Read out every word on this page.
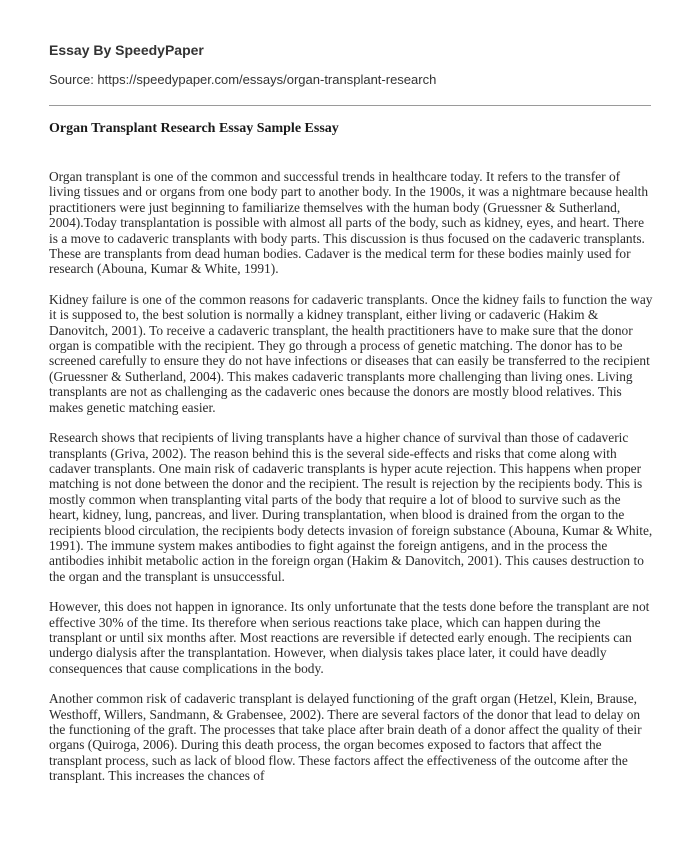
Essay By SpeedyPaper

Source: https://speedypaper.com/essays/organ-transplant-research

Organ Transplant Research Essay Sample Essay

Organ transplant is one of the common and successful trends in healthcare today. It refers to the transfer of living tissues and or organs from one body part to another body. In the 1900s, it was a nightmare because health practitioners were just beginning to familiarize themselves with the human body (Gruessner & Sutherland, 2004).Today transplantation is possible with almost all parts of the body, such as kidney, eyes, and heart. There is a move to cadaveric transplants with body parts. This discussion is thus focused on the cadaveric transplants. These are transplants from dead human bodies. Cadaver is the medical term for these bodies mainly used for research (Abouna, Kumar & White, 1991).

Kidney failure is one of the common reasons for cadaveric transplants. Once the kidney fails to function the way it is supposed to, the best solution is normally a kidney transplant, either living or cadaveric (Hakim & Danovitch, 2001). To receive a cadaveric transplant, the health practitioners have to make sure that the donor organ is compatible with the recipient. They go through a process of genetic matching. The donor has to be screened carefully to ensure they do not have infections or diseases that can easily be transferred to the recipient (Gruessner & Sutherland, 2004). This makes cadaveric transplants more challenging than living ones. Living transplants are not as challenging as the cadaveric ones because the donors are mostly blood relatives. This makes genetic matching easier.

Research shows that recipients of living transplants have a higher chance of survival than those of cadaveric transplants (Griva, 2002). The reason behind this is the several side-effects and risks that come along with cadaver transplants. One main risk of cadaveric transplants is hyper acute rejection. This happens when proper matching is not done between the donor and the recipient. The result is rejection by the recipients body. This is mostly common when transplanting vital parts of the body that require a lot of blood to survive such as the heart, kidney, lung, pancreas, and liver. During transplantation, when blood is drained from the organ to the recipients blood circulation, the recipients body detects invasion of foreign substance (Abouna, Kumar & White, 1991). The immune system makes antibodies to fight against the foreign antigens, and in the process the antibodies inhibit metabolic action in the foreign organ (Hakim & Danovitch, 2001). This causes destruction to the organ and the transplant is unsuccessful.

However, this does not happen in ignorance. Its only unfortunate that the tests done before the transplant are not effective 30% of the time. Its therefore when serious reactions take place, which can happen during the transplant or until six months after. Most reactions are reversible if detected early enough. The recipients can undergo dialysis after the transplantation. However, when dialysis takes place later, it could have deadly consequences that cause complications in the body.

Another common risk of cadaveric transplant is delayed functioning of the graft organ (Hetzel, Klein, Brause, Westhoff, Willers, Sandmann, & Grabensee, 2002). There are several factors of the donor that lead to delay on the functioning of the graft. The processes that take place after brain death of a donor affect the quality of their organs (Quiroga, 2006). During this death process, the organ becomes exposed to factors that affect the transplant process, such as lack of blood flow. These factors affect the effectiveness of the outcome after the transplant. This increases the chances of
